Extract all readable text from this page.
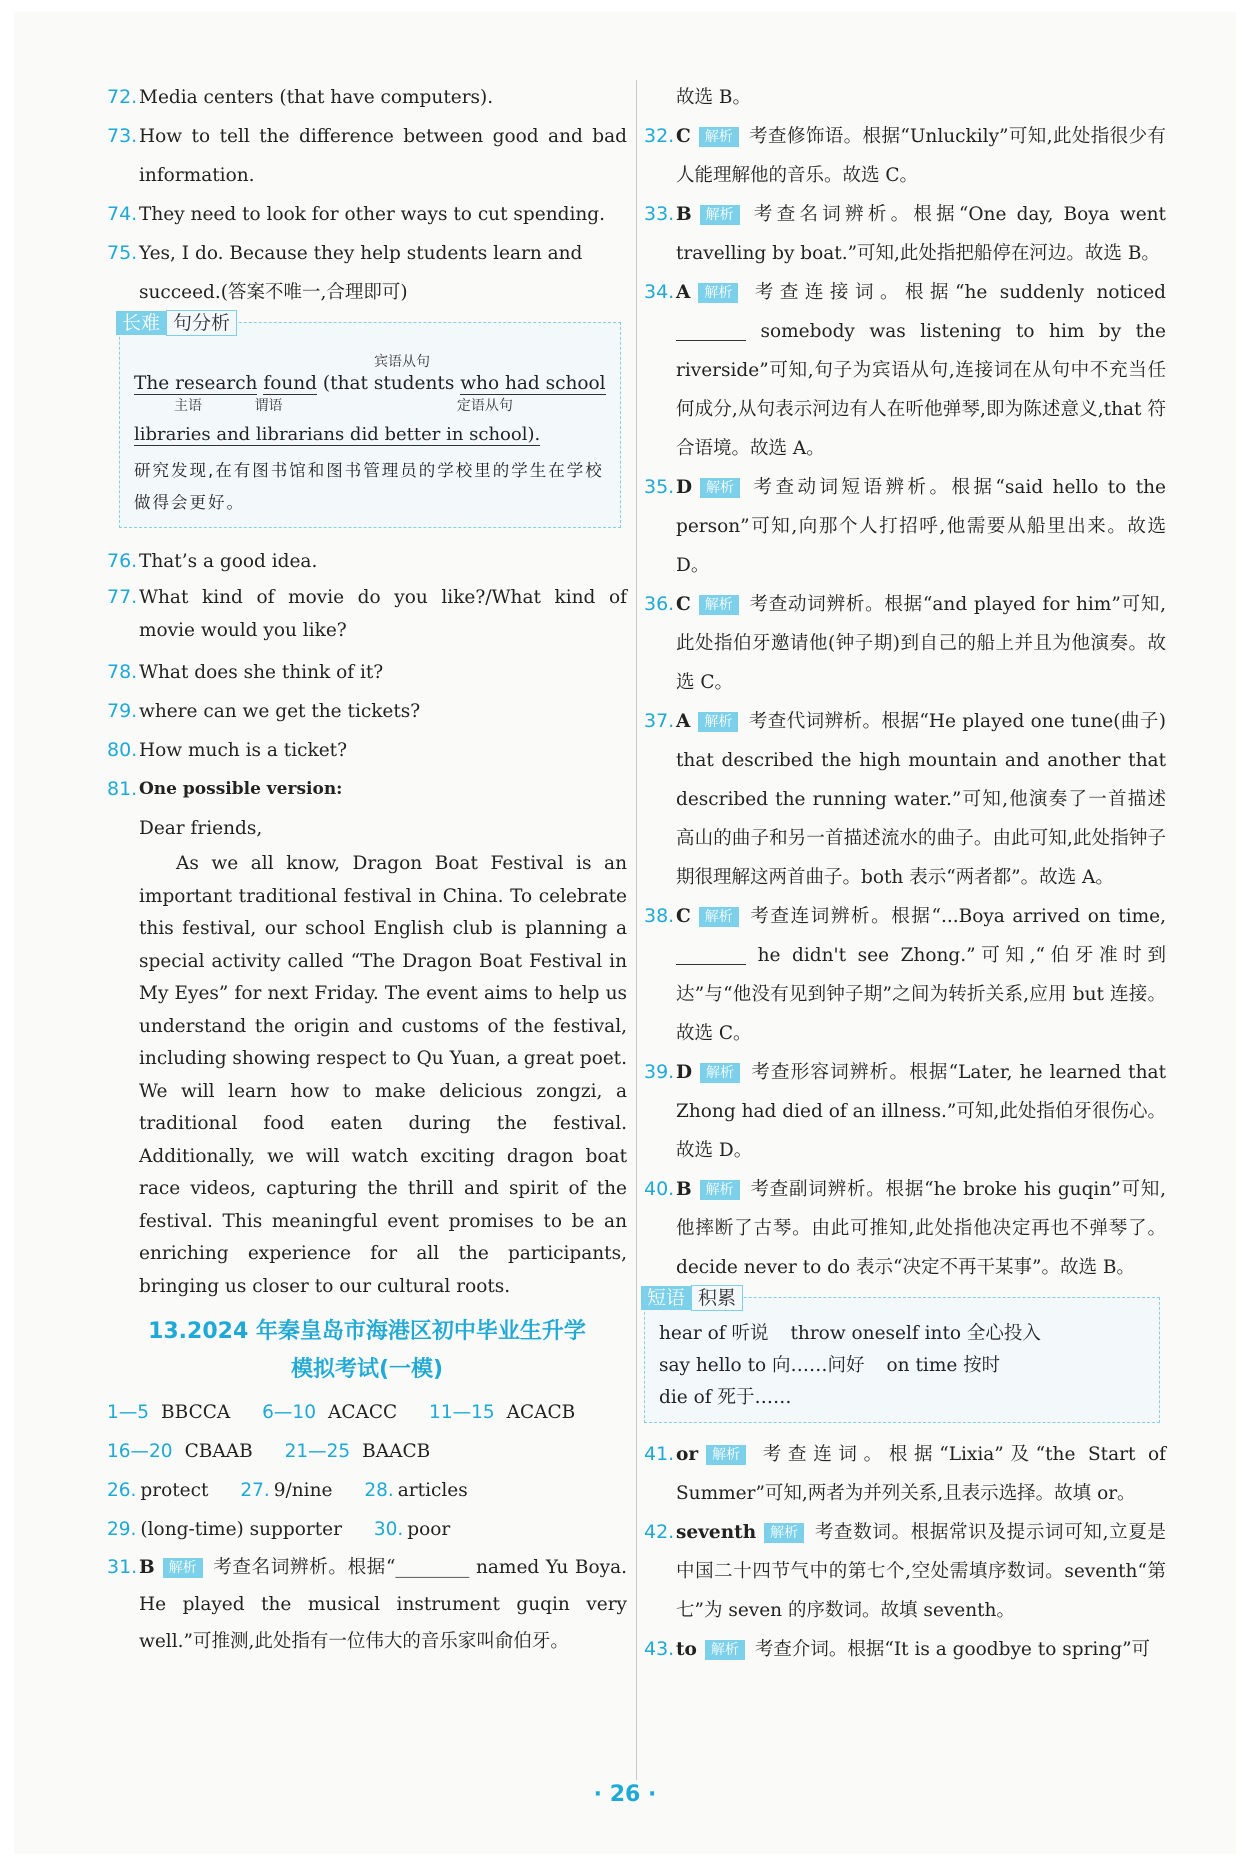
72. Media centers (that have computers).
73. How to tell the difference between good and bad information.
74. They need to look for other ways to cut spending.
75. Yes, I do. Because they help students learn and succeed.(答案不唯一,合理即可)
长难 句分析
宾语从句
The research found (that students who had school
主语	谓语	定语从句
libraries and librarians did better in school).
研究发现,在有图书馆和图书管理员的学校里的学生在学校做得会更好。
76. That’s a good idea.
77. What kind of movie do you like?/What kind of movie would you like?
78. What does she think of it?
79. where can we get the tickets?
80. How much is a ticket?
81. One possible version:
Dear friends,
As we all know, Dragon Boat Festival is an important traditional festival in China. To celebrate this festival, our school English club is planning a special activity called “The Dragon Boat Festival in My Eyes” for next Friday. The event aims to help us understand the origin and customs of the festival, including showing respect to Qu Yuan, a great poet. We will learn how to make delicious zongzi, a traditional food eaten during the festival. Additionally, we will watch exciting dragon boat race videos, capturing the thrill and spirit of the festival. This meaningful event promises to be an enriching experience for all the participants, bringing us closer to our cultural roots.
13.2024 年秦皇岛市海港区初中毕业生升学
模拟考试(一模)
1—5 BBCCA 6—10 ACACC 11—15 ACACB
16—20 CBAAB 21—25 BAACB
26. protect 27. 9/nine 28. articles
29. (long-time) supporter 30. poor
31. B 解析 考查名词辨析。根据“________ named Yu Boya. He played the musical instrument guqin very well.”可推测,此处指有一位伟大的音乐家叫俞伯牙。
故选 B。
32. C 解析 考查修饰语。根据“Unluckily”可知,此处指很少有人能理解他的音乐。故选 C。
33. B 解析 考查名词辨析。根据“One day, Boya went travelling by boat.”可知,此处指把船停在河边。故选 B。
34. A 解析 考查连接词。根据“he suddenly noticed  somebody was listening to him by the riverside”可知,句子为宾语从句,连接词在从句中不充当任何成分,从句表示河边有人在听他弹琴,即为陈述意义,that 符合语境。故选 A。
35. D 解析 考查动词短语辨析。根据“said hello to the person”可知,向那个人打招呼,他需要从船里出来。故选 D。
36. C 解析 考查动词辨析。根据“and played for him”可知,此处指伯牙邀请他(钟子期)到自己的船上并且为他演奏。故选 C。
37. A 解析 考查代词辨析。根据“He played one tune(曲子) that described the high mountain and another that described the running water.”可知,他演奏了一首描述高山的曲子和另一首描述流水的曲子。由此可知,此处指钟子期很理解这两首曲子。both 表示“两者都”。故选 A。
38. C 解析 考查连词辨析。根据“...Boya arrived on time,  he didn't see Zhong.”可知,“伯牙准时到达”与“他没有见到钟子期”之间为转折关系,应用 but 连接。故选 C。
39. D 解析 考查形容词辨析。根据“Later, he learned that Zhong had died of an illness.”可知,此处指伯牙很伤心。故选 D。
40. B 解析 考查副词辨析。根据“he broke his guqin”可知,他摔断了古琴。由此可推知,此处指他决定再也不弹琴了。decide never to do 表示“决定不再干某事”。故选 B。
短语 积累
hear of 听说 throw oneself into 全心投入
say hello to 向……问好 on time 按时
die of 死于……
41. or 解析 考查连词。根据“Lixia”及“the Start of Summer”可知,两者为并列关系,且表示选择。故填 or。
42. seventh 解析 考查数词。根据常识及提示词可知,立夏是中国二十四节气中的第七个,空处需填序数词。seventh“第七”为 seven 的序数词。故填 seventh。
43. to 解析 考查介词。根据“It is a goodbye to spring”可
· 26 ·
